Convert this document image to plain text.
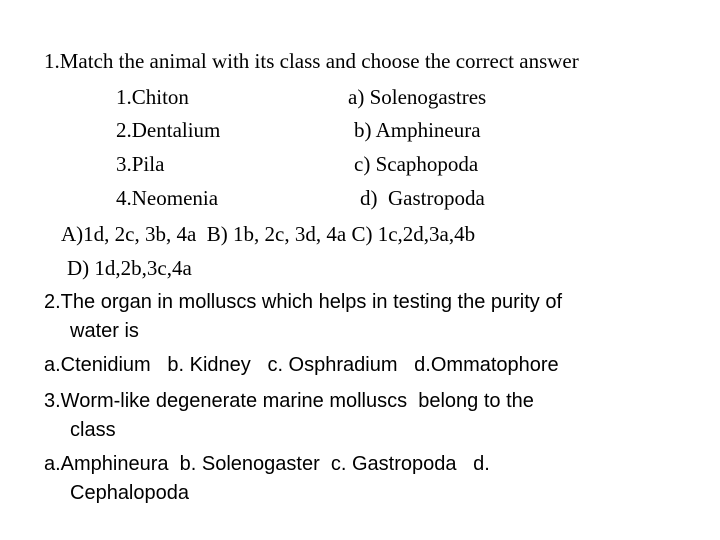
1.Match the animal with its class and choose the correct answer
1.Chiton	a) Solenogastres
2.Dentalium	b) Amphineura
3.Pila	c) Scaphopoda
4.Neomenia	d)  Gastropoda
A)1d, 2c, 3b, 4a  B) 1b, 2c, 3d, 4a C) 1c,2d,3a,4b
D) 1d,2b,3c,4a
2.The organ in molluscs which helps in testing the purity of
water is
a.Ctenidium   b. Kidney   c. Osphradium   d.Ommatophore
3.Worm-like degenerate marine molluscs  belong to the
class
a.Amphineura  b. Solenogaster  c. Gastropoda   d.
Cephalopoda
